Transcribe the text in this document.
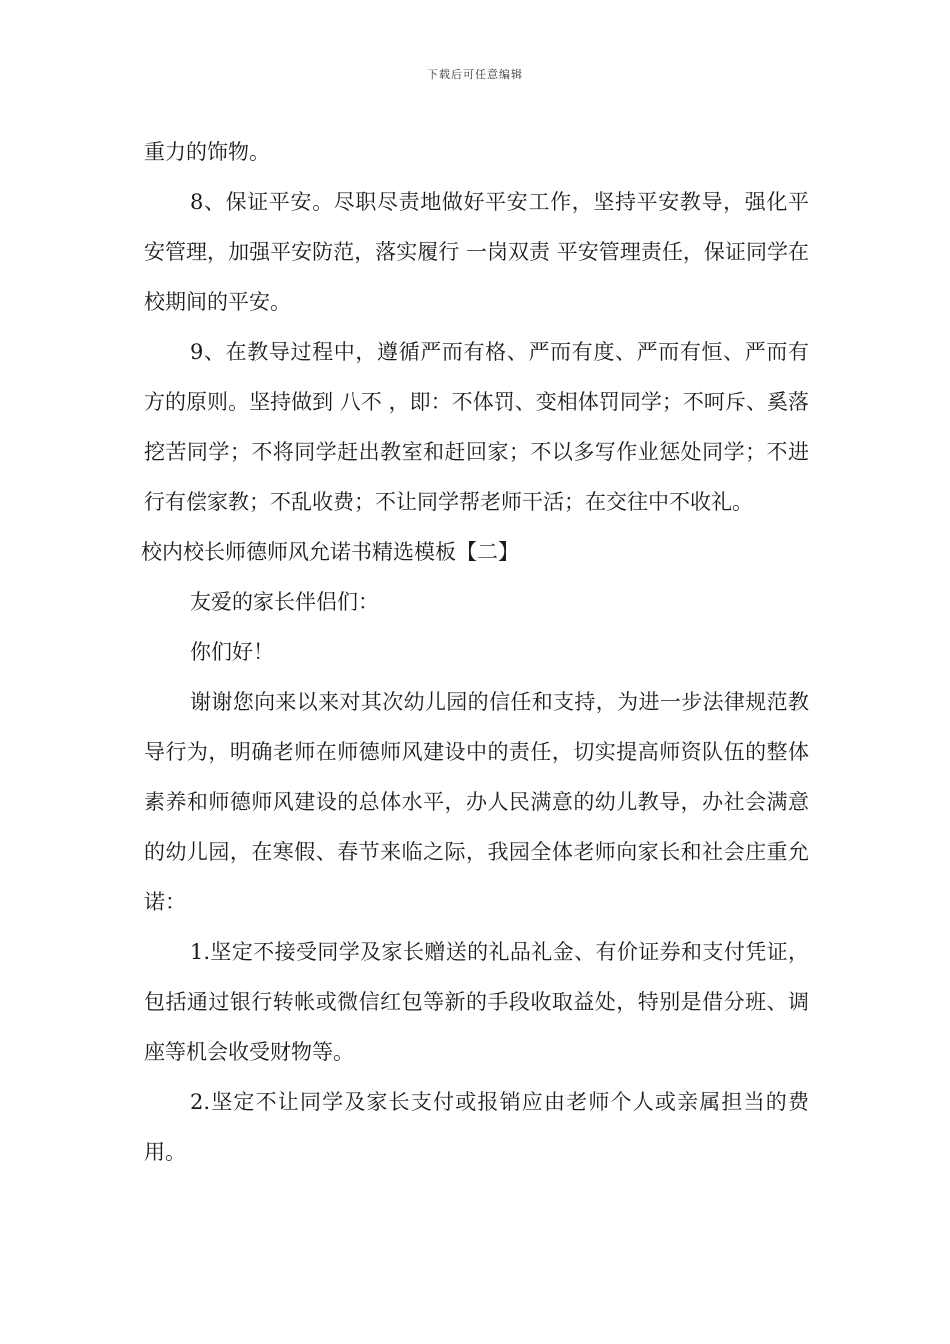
下载后可任意编辑

重力的饰物。

8、保证平安。尽职尽责地做好平安工作，坚持平安教导，强化平安管理，加强平安防范，落实履行 一岗双责 平安管理责任，保证同学在校期间的平安。

9、在教导过程中，遵循严而有格、严而有度、严而有恒、严而有方的原则。坚持做到 八不 ，即：不体罚、变相体罚同学；不呵斥、奚落挖苦同学；不将同学赶出教室和赶回家；不以多写作业惩处同学；不进行有偿家教；不乱收费；不让同学帮老师干活；在交往中不收礼。

校内校长师德师风允诺书精选模板【二】

友爱的家长伴侣们：

你们好！

谢谢您向来以来对其次幼儿园的信任和支持，为进一步法律规范教导行为，明确老师在师德师风建设中的责任，切实提高师资队伍的整体素养和师德师风建设的总体水平，办人民满意的幼儿教导，办社会满意的幼儿园，在寒假、春节来临之际，我园全体老师向家长和社会庄重允诺：

1.坚定不接受同学及家长赠送的礼品礼金、有价证券和支付凭证，包括通过银行转帐或微信红包等新的手段收取益处，特别是借分班、调座等机会收受财物等。

2.坚定不让同学及家长支付或报销应由老师个人或亲属担当的费用。
